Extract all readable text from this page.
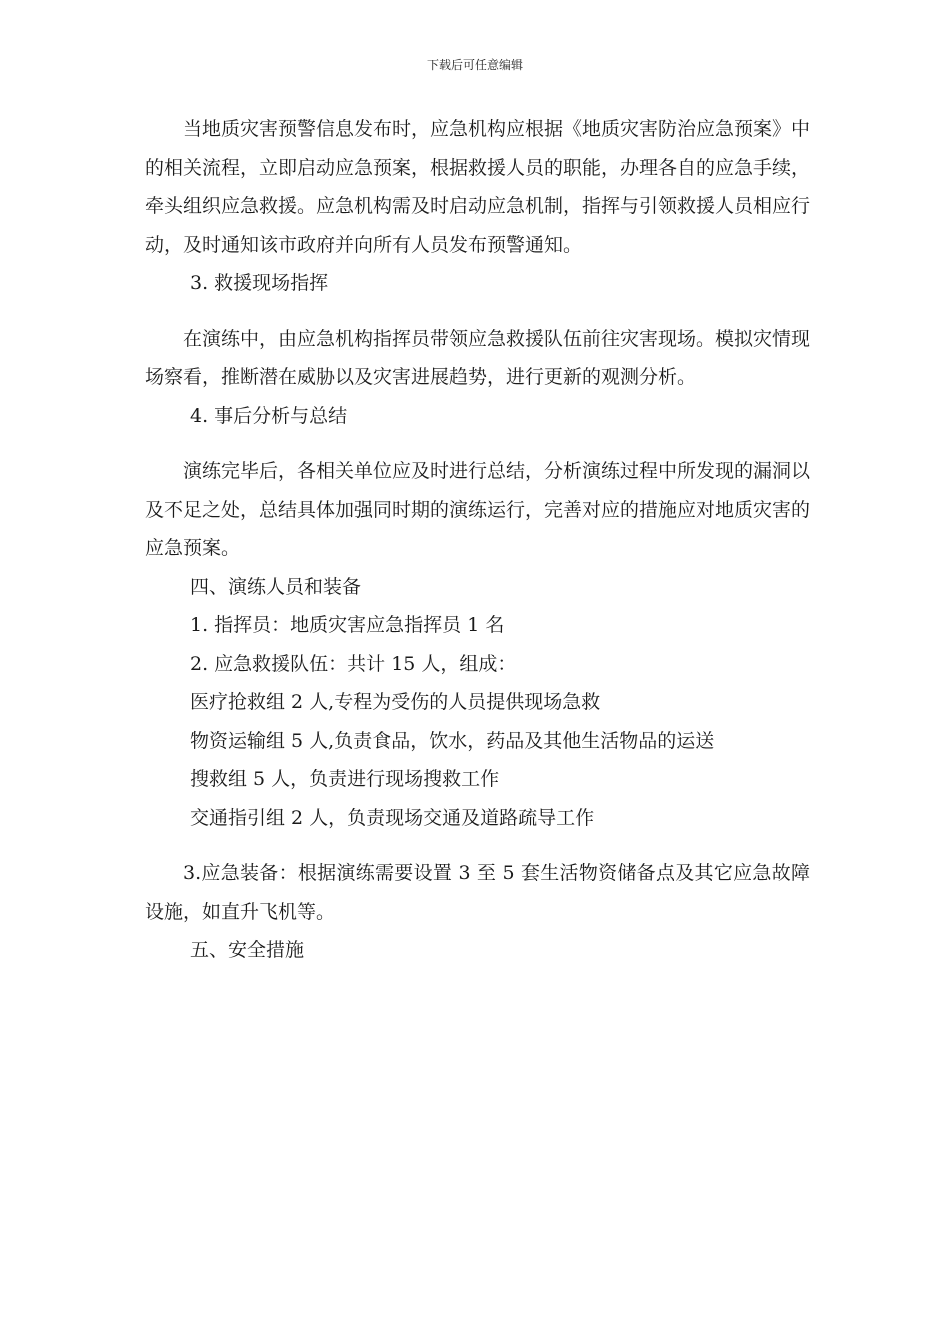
下载后可任意编辑

当地质灾害预警信息发布时，应急机构应根据《地质灾害防治应急预案》中的相关流程，立即启动应急预案，根据救援人员的职能，办理各自的应急手续，牵头组织应急救援。应急机构需及时启动应急机制，指挥与引领救援人员相应行动，及时通知该市政府并向所有人员发布预警通知。

3. 救援现场指挥

在演练中，由应急机构指挥员带领应急救援队伍前往灾害现场。模拟灾情现场察看，推断潜在威胁以及灾害进展趋势，进行更新的观测分析。

4. 事后分析与总结

演练完毕后，各相关单位应及时进行总结，分析演练过程中所发现的漏洞以及不足之处，总结具体加强同时期的演练运行，完善对应的措施应对地质灾害的应急预案。

四、演练人员和装备

1. 指挥员：地质灾害应急指挥员 1 名

2. 应急救援队伍：共计 15 人，组成：

医疗抢救组 2 人,专程为受伤的人员提供现场急救

物资运输组 5 人,负责食品，饮水，药品及其他生活物品的运送

搜救组 5 人，负责进行现场搜救工作

交通指引组 2 人，负责现场交通及道路疏导工作

3.应急装备：根据演练需要设置 3 至 5 套生活物资储备点及其它应急故障设施，如直升飞机等。

五、安全措施
